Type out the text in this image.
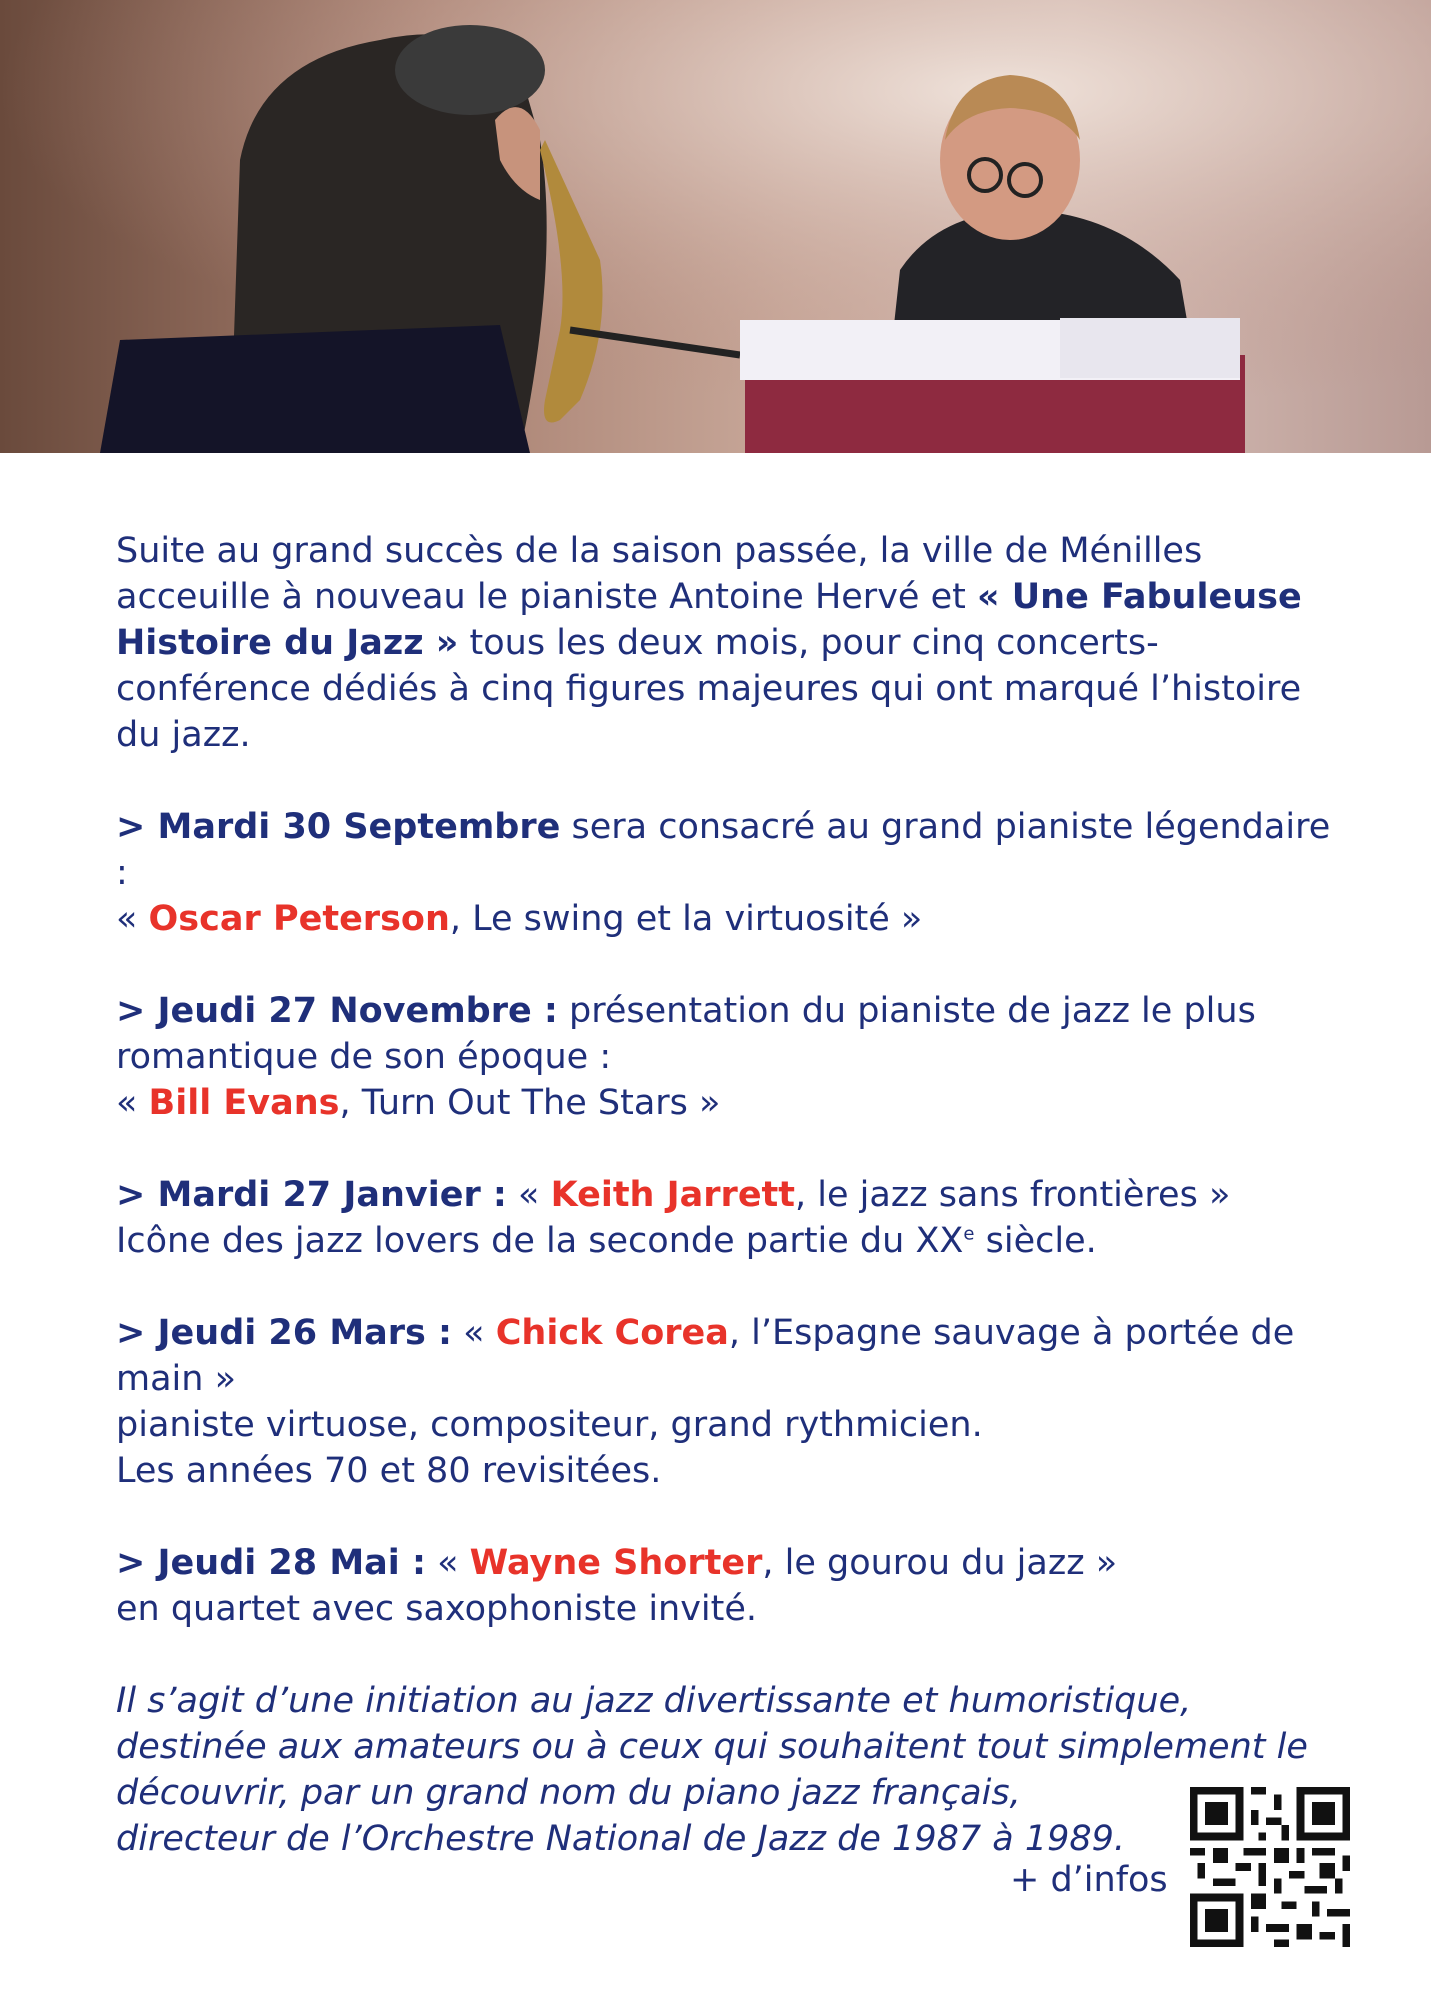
Suite au grand succès de la saison passée, la ville de Ménilles acceuille à nouveau le pianiste Antoine Hervé et « Une Fabuleuse Histoire du Jazz » tous les deux mois, pour cinq concerts-conférence dédiés à cinq figures majeures qui ont marqué l’histoire du jazz.

> Mardi 30 Septembre sera consacré au grand pianiste légendaire :
« Oscar Peterson, Le swing et la virtuosité »

> Jeudi 27 Novembre : présentation du pianiste de jazz le plus romantique de son époque :
« Bill Evans, Turn Out The Stars »

> Mardi 27 Janvier : « Keith Jarrett, le jazz sans frontières »
Icône des jazz lovers de la seconde partie du XXe siècle.

> Jeudi 26 Mars : « Chick Corea, l’Espagne sauvage à portée de main »
pianiste virtuose, compositeur, grand rythmicien.
Les années 70 et 80 revisitées.

> Jeudi 28 Mai : « Wayne Shorter, le gourou du jazz »
en quartet avec saxophoniste invité.

Il s’agit d’une initiation au jazz divertissante et humoristique,
destinée aux amateurs ou à ceux qui souhaitent tout simplement le
découvrir, par un grand nom du piano jazz français,
directeur de l’Orchestre National de Jazz de 1987 à 1989.

+ d’infos
